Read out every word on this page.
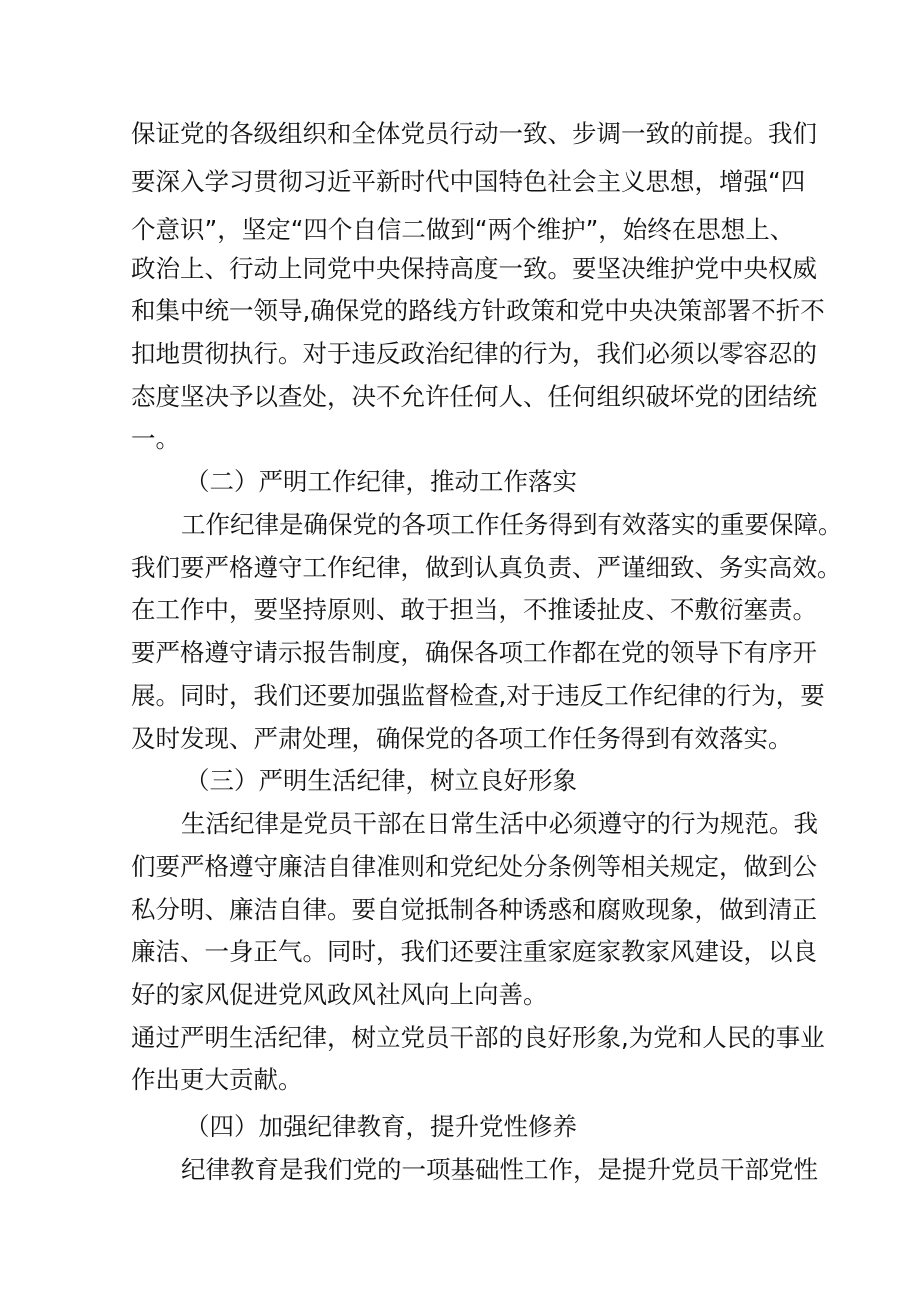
保证党的各级组织和全体党员行动一致、步调一致的前提。我们
要深入学习贯彻习近平新时代中国特色社会主义思想，增强“四
个意识”，坚定“四个自信二做到“两个维护”，始终在思想上、
政治上、行动上同党中央保持高度一致。要坚决维护党中央权威
和集中统一领导,确保党的路线方针政策和党中央决策部署不折不
扣地贯彻执行。对于违反政治纪律的行为，我们必须以零容忍的
态度坚决予以查处，决不允许任何人、任何组织破坏党的团结统
一。
（二）严明工作纪律，推动工作落实
工作纪律是确保党的各项工作任务得到有效落实的重要保障。
我们要严格遵守工作纪律，做到认真负责、严谨细致、务实高效。
在工作中，要坚持原则、敢于担当，不推诿扯皮、不敷衍塞责。
要严格遵守请示报告制度，确保各项工作都在党的领导下有序开
展。同时，我们还要加强监督检查,对于违反工作纪律的行为，要
及时发现、严肃处理，确保党的各项工作任务得到有效落实。
（三）严明生活纪律，树立良好形象
生活纪律是党员干部在日常生活中必须遵守的行为规范。我
们要严格遵守廉洁自律准则和党纪处分条例等相关规定，做到公
私分明、廉洁自律。要自觉抵制各种诱惑和腐败现象，做到清正
廉洁、一身正气。同时，我们还要注重家庭家教家风建设，以良
好的家风促进党风政风社风向上向善。
通过严明生活纪律，树立党员干部的良好形象,为党和人民的事业
作出更大贡献。
（四）加强纪律教育，提升党性修养
纪律教育是我们党的一项基础性工作，是提升党员干部党性
